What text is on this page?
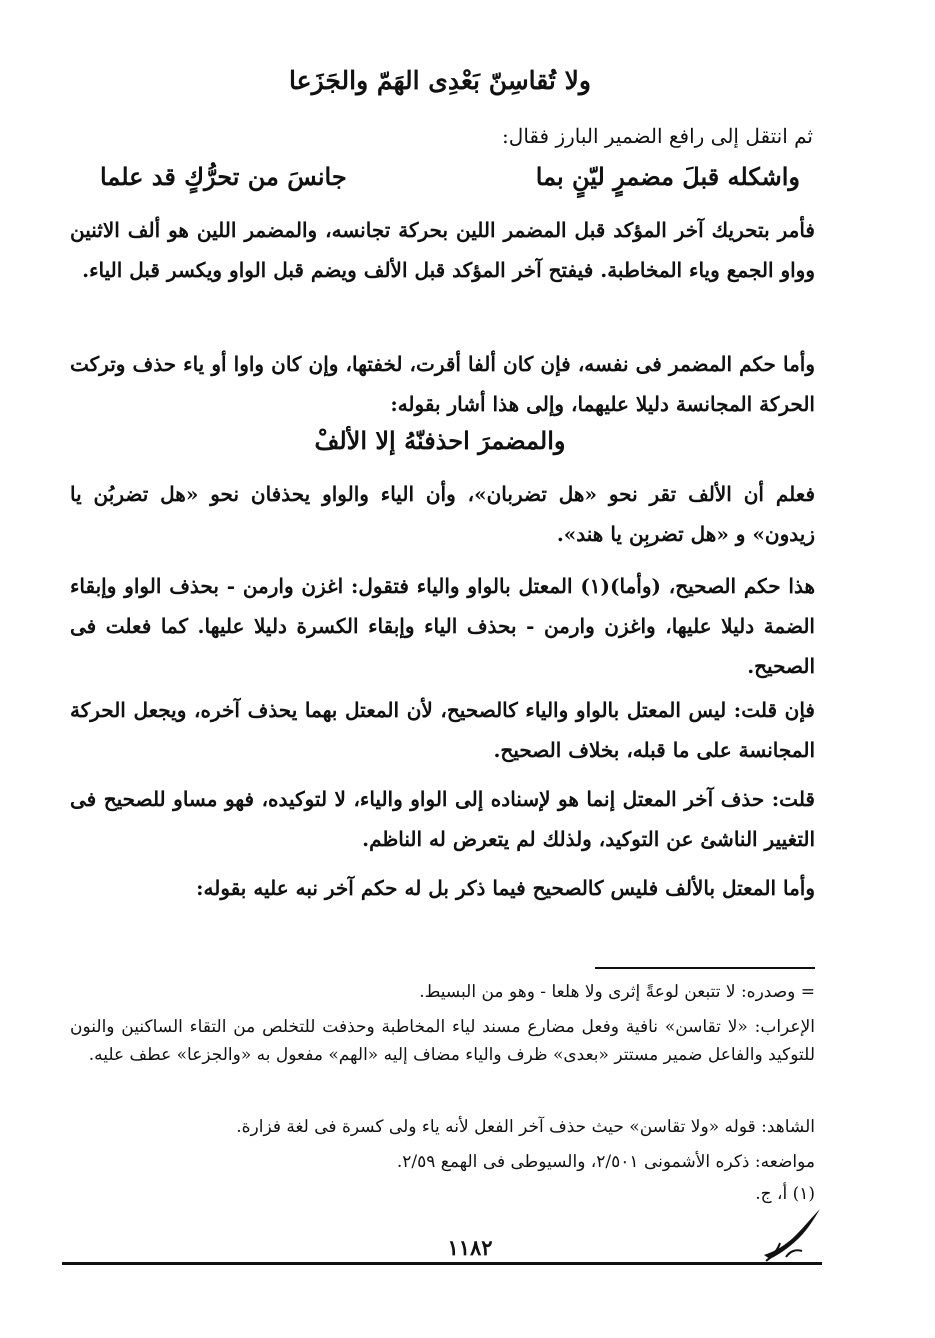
ولا تُقاسِنّ بَعْدِى الهَمّ والجَزَعا
ثم انتقل إلى رافع الضمير البارز فقال:
واشكله قبلَ مضمرٍ ليّنٍ بما
جانسَ من تحرُّكٍ قد علما
فأمر بتحريك آخر المؤكد قبل المضمر اللين بحركة تجانسه، والمضمر اللين هو ألف الاثنين وواو الجمع وياء المخاطبة. فيفتح آخر المؤكد قبل الألف ويضم قبل الواو ويكسر قبل الياء.
وأما حكم المضمر فى نفسه، فإن كان ألفا أقرت، لخفتها، وإن كان واوا أو ياء حذف وتركت الحركة المجانسة دليلا عليهما، وإلى هذا أشار بقوله:
والمضمرَ احذفنّهُ إلا الألفْ
فعلم أن الألف تقر نحو «هل تضربان»، وأن الياء والواو يحذفان نحو «هل تضربُن يا زيدون» و «هل تضربِن يا هند».
هذا حكم الصحيح، (وأما)(١) المعتل بالواو والياء فتقول: اغزن وارمن - بحذف الواو وإبقاء الضمة دليلا عليها، واغزن وارمن - بحذف الياء وإبقاء الكسرة دليلا عليها. كما فعلت فى الصحيح.
فإن قلت: ليس المعتل بالواو والياء كالصحيح، لأن المعتل بهما يحذف آخره، ويجعل الحركة المجانسة على ما قبله، بخلاف الصحيح.
قلت: حذف آخر المعتل إنما هو لإسناده إلى الواو والياء، لا لتوكيده، فهو مساو للصحيح فى التغيير الناشئ عن التوكيد، ولذلك لم يتعرض له الناظم.
وأما المعتل بالألف فليس كالصحيح فيما ذكر بل له حكم آخر نبه عليه بقوله:
= وصدره: لا تتبعن لوعةً إثرى ولا هلعا - وهو من البسيط.
الإعراب: «لا تقاسن» نافية وفعل مضارع مسند لياء المخاطبة وحذفت للتخلص من التقاء الساكنين والنون للتوكيد والفاعل ضمير مستتر «بعدى» ظرف والياء مضاف إليه «الهم» مفعول به «والجزعا» عطف عليه.
الشاهد: قوله «ولا تقاسن» حيث حذف آخر الفعل لأنه ياء ولى كسرة فى لغة فزارة.
مواضعه: ذكره الأشمونى ٢/٥٠١، والسيوطى فى الهمع ٢/٥٩.
(١) أ، ج.
١١٨٢
